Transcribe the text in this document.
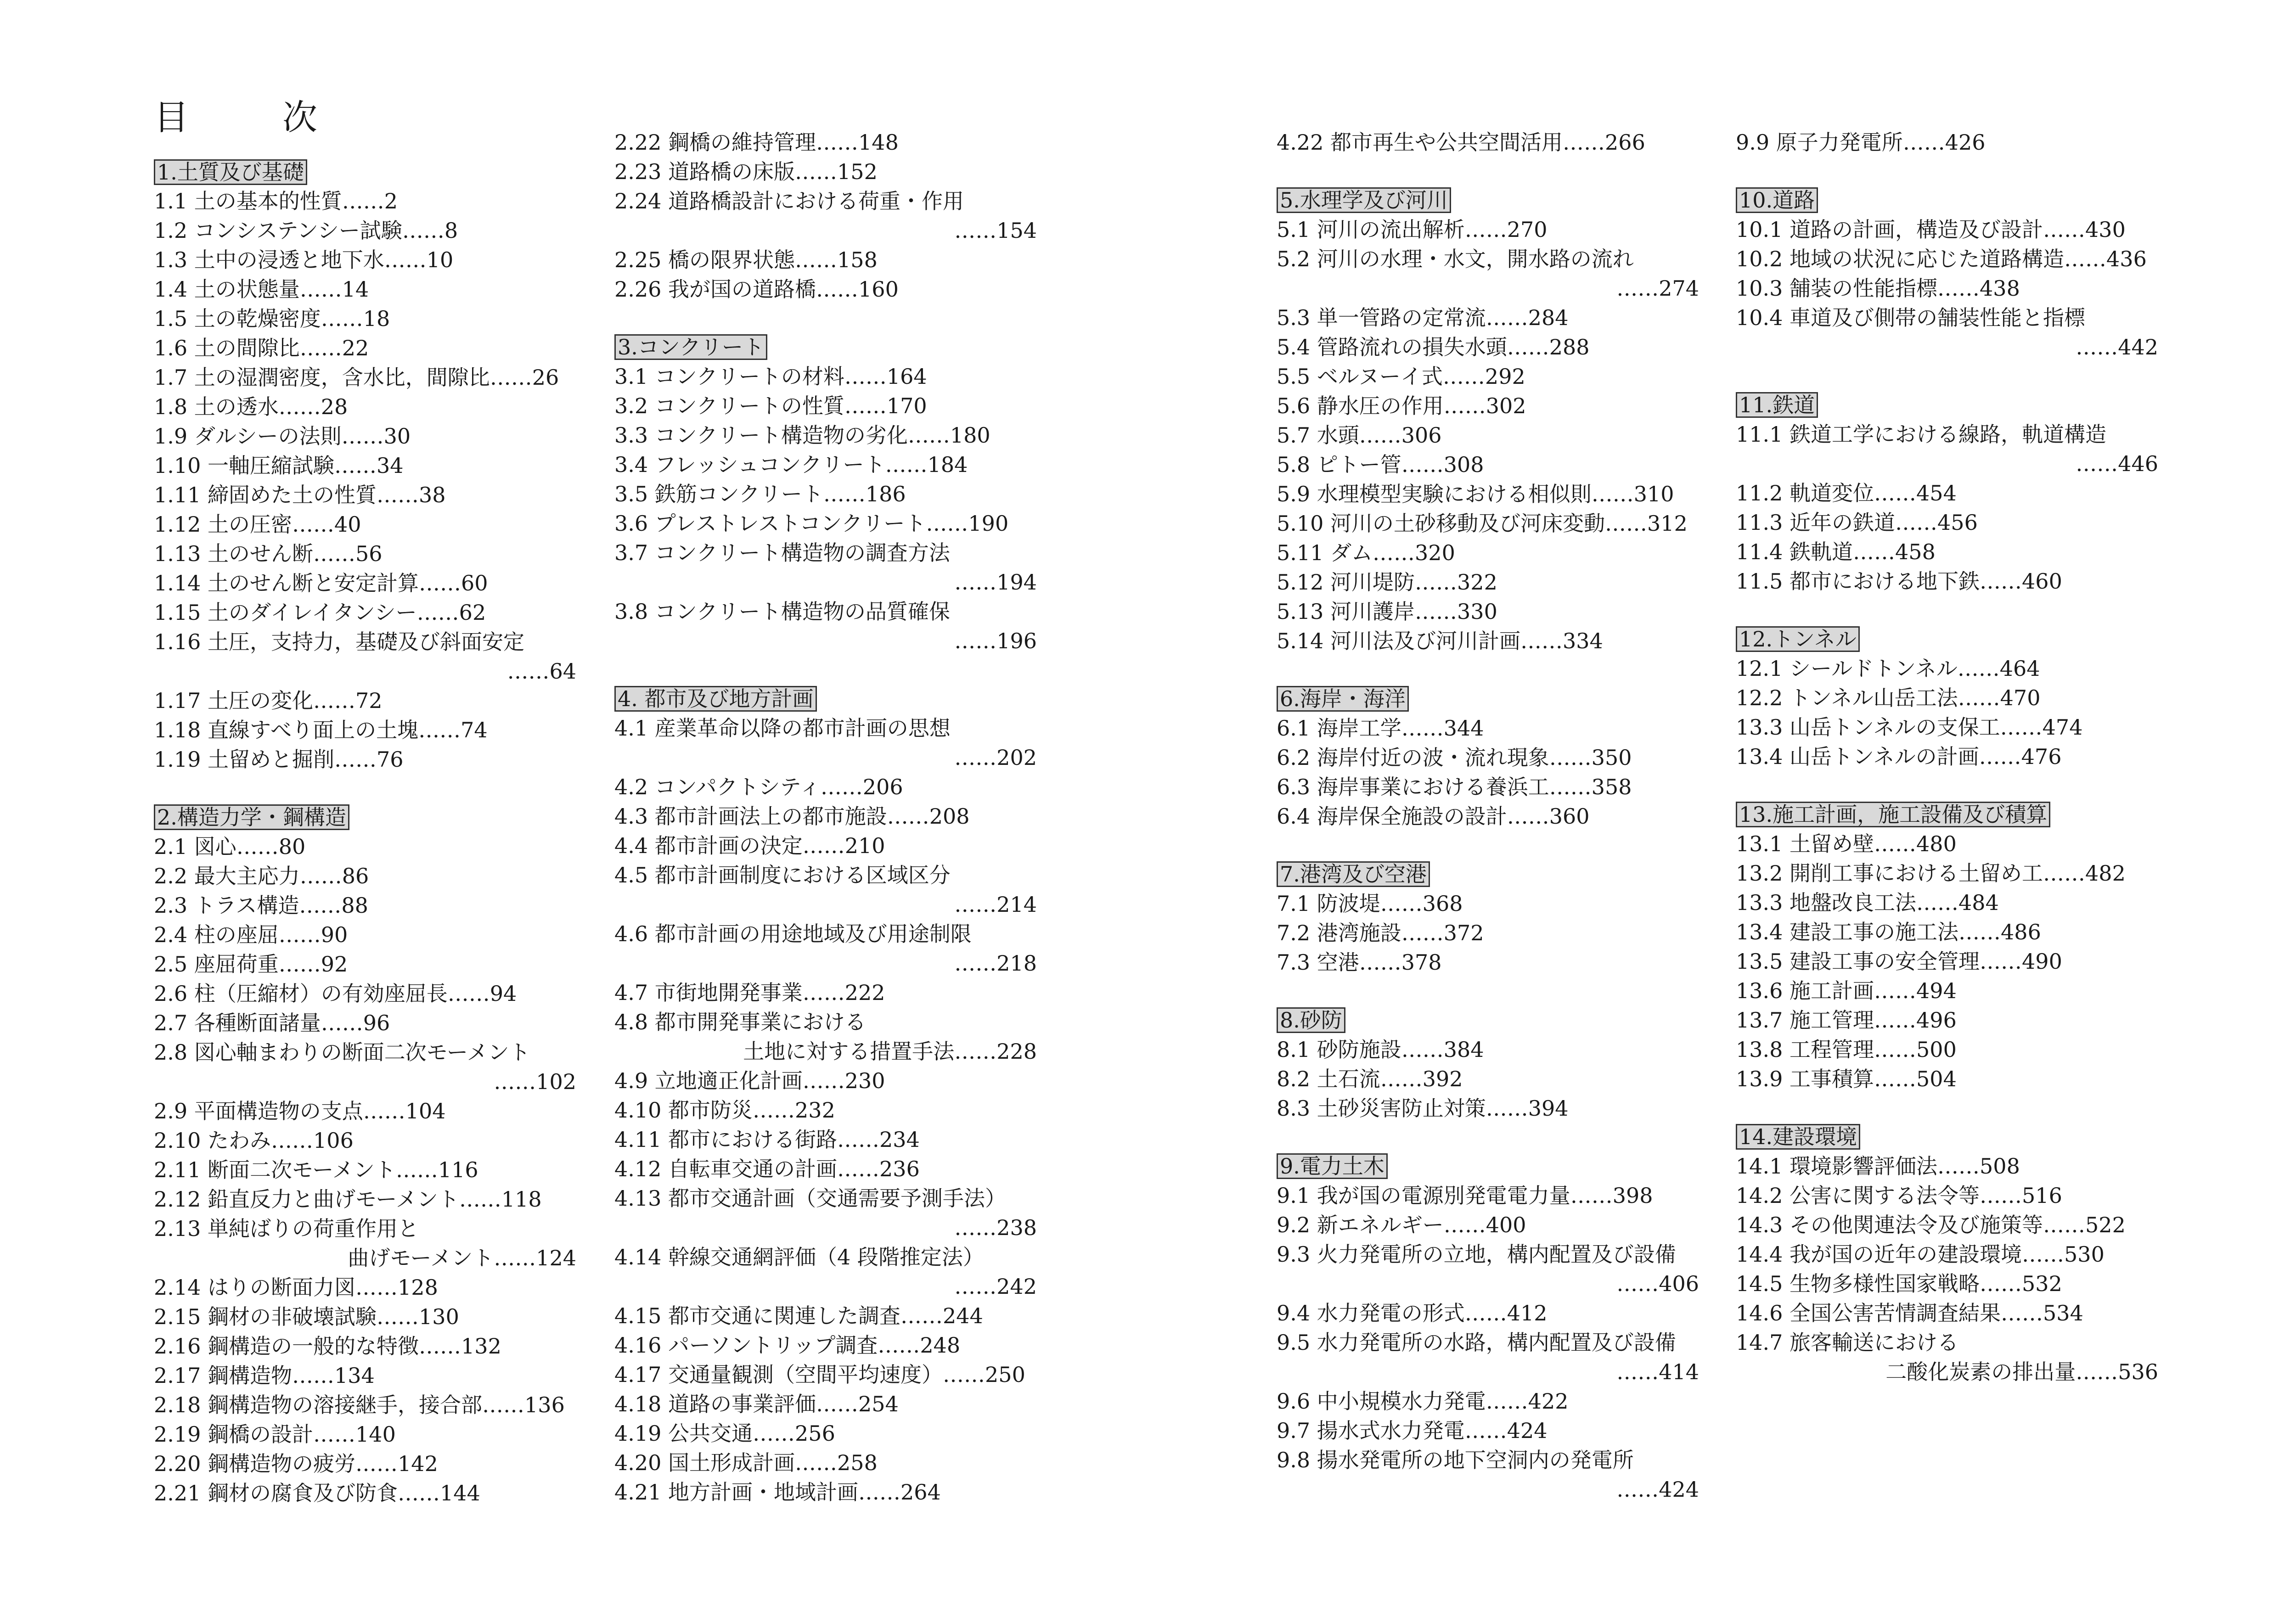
目　次
1.土質及び基礎
1.1 土の基本的性質……2
1.2 コンシステンシー試験……8
1.3 土中の浸透と地下水……10
1.4 土の状態量……14
1.5 土の乾燥密度……18
1.6 土の間隙比……22
1.7 土の湿潤密度，含水比，間隙比……26
1.8 土の透水……28
1.9 ダルシーの法則……30
1.10 一軸圧縮試験……34
1.11 締固めた土の性質……38
1.12 土の圧密……40
1.13 土のせん断……56
1.14 土のせん断と安定計算……60
1.15 土のダイレイタンシー……62
1.16 土圧，支持力，基礎及び斜面安定
……64
1.17 土圧の変化……72
1.18 直線すべり面上の土塊……74
1.19 土留めと掘削……76
2.構造力学・鋼構造
2.1 図心……80
2.2 最大主応力……86
2.3 トラス構造……88
2.4 柱の座屈……90
2.5 座屈荷重……92
2.6 柱（圧縮材）の有効座屈長……94
2.7 各種断面諸量……96
2.8 図心軸まわりの断面二次モーメント
……102
2.9 平面構造物の支点……104
2.10 たわみ……106
2.11 断面二次モーメント……116
2.12 鉛直反力と曲げモーメント……118
2.13 単純ばりの荷重作用と
曲げモーメント……124
2.14 はりの断面力図……128
2.15 鋼材の非破壊試験……130
2.16 鋼構造の一般的な特徴……132
2.17 鋼構造物……134
2.18 鋼構造物の溶接継手，接合部……136
2.19 鋼橋の設計……140
2.20 鋼構造物の疲労……142
2.21 鋼材の腐食及び防食……144
2.22 鋼橋の維持管理……148
2.23 道路橋の床版……152
2.24 道路橋設計における荷重・作用
……154
2.25 橋の限界状態……158
2.26 我が国の道路橋……160
3.コンクリート
3.1 コンクリートの材料……164
3.2 コンクリートの性質……170
3.3 コンクリート構造物の劣化……180
3.4 フレッシュコンクリート……184
3.5 鉄筋コンクリート……186
3.6 プレストレストコンクリート……190
3.7 コンクリート構造物の調査方法
……194
3.8 コンクリート構造物の品質確保
……196
4. 都市及び地方計画
4.1 産業革命以降の都市計画の思想
……202
4.2 コンパクトシティ……206
4.3 都市計画法上の都市施設……208
4.4 都市計画の決定……210
4.5 都市計画制度における区域区分
……214
4.6 都市計画の用途地域及び用途制限
……218
4.7 市街地開発事業……222
4.8 都市開発事業における
土地に対する措置手法……228
4.9 立地適正化計画……230
4.10 都市防災……232
4.11 都市における街路……234
4.12 自転車交通の計画……236
4.13 都市交通計画（交通需要予測手法）
……238
4.14 幹線交通網評価（4 段階推定法）
……242
4.15 都市交通に関連した調査……244
4.16 パーソントリップ調査……248
4.17 交通量観測（空間平均速度）……250
4.18 道路の事業評価……254
4.19 公共交通……256
4.20 国土形成計画……258
4.21 地方計画・地域計画……264
4.22 都市再生や公共空間活用……266
5.水理学及び河川
5.1 河川の流出解析……270
5.2 河川の水理・水文，開水路の流れ
……274
5.3 単一管路の定常流……284
5.4 管路流れの損失水頭……288
5.5 ベルヌーイ式……292
5.6 静水圧の作用……302
5.7 水頭……306
5.8 ピトー管……308
5.9 水理模型実験における相似則……310
5.10 河川の土砂移動及び河床変動……312
5.11 ダム……320
5.12 河川堤防……322
5.13 河川護岸……330
5.14 河川法及び河川計画……334
6.海岸・海洋
6.1 海岸工学……344
6.2 海岸付近の波・流れ現象……350
6.3 海岸事業における養浜工……358
6.4 海岸保全施設の設計……360
7.港湾及び空港
7.1 防波堤……368
7.2 港湾施設……372
7.3 空港……378
8.砂防
8.1 砂防施設……384
8.2 土石流……392
8.3 土砂災害防止対策……394
9.電力土木
9.1 我が国の電源別発電電力量……398
9.2 新エネルギー……400
9.3 火力発電所の立地，構内配置及び設備
……406
9.4 水力発電の形式……412
9.5 水力発電所の水路，構内配置及び設備
……414
9.6 中小規模水力発電……422
9.7 揚水式水力発電……424
9.8 揚水発電所の地下空洞内の発電所
……424
9.9 原子力発電所……426
10.道路
10.1 道路の計画，構造及び設計……430
10.2 地域の状況に応じた道路構造……436
10.3 舗装の性能指標……438
10.4 車道及び側帯の舗装性能と指標
……442
11.鉄道
11.1 鉄道工学における線路，軌道構造
……446
11.2 軌道変位……454
11.3 近年の鉄道……456
11.4 鉄軌道……458
11.5 都市における地下鉄……460
12.トンネル
12.1 シールドトンネル……464
12.2 トンネル山岳工法……470
13.3 山岳トンネルの支保工……474
13.4 山岳トンネルの計画……476
13.施工計画，施工設備及び積算
13.1 土留め壁……480
13.2 開削工事における土留め工……482
13.3 地盤改良工法……484
13.4 建設工事の施工法……486
13.5 建設工事の安全管理……490
13.6 施工計画……494
13.7 施工管理……496
13.8 工程管理……500
13.9 工事積算……504
14.建設環境
14.1 環境影響評価法……508
14.2 公害に関する法令等……516
14.3 その他関連法令及び施策等……522
14.4 我が国の近年の建設環境……530
14.5 生物多様性国家戦略……532
14.6 全国公害苦情調査結果……534
14.7 旅客輸送における
二酸化炭素の排出量……536
